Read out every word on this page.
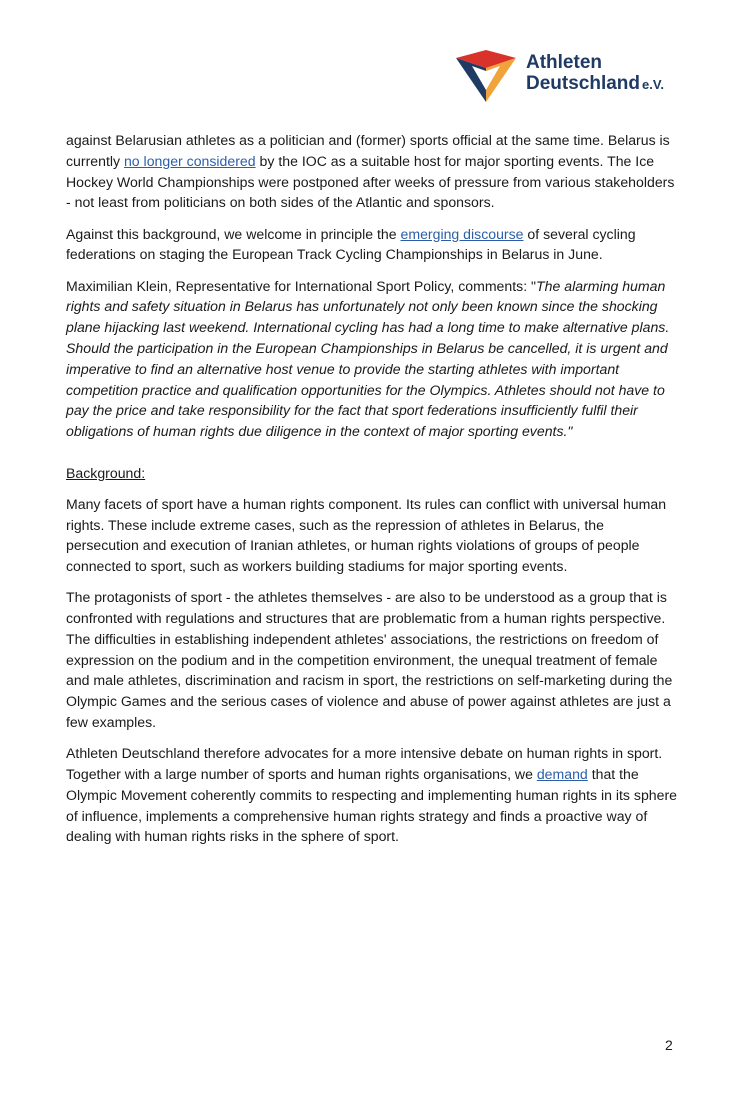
Athleten
Deutschland e.V.

against Belarusian athletes as a politician and (former) sports official at the same time. Belarus is currently no longer considered by the IOC as a suitable host for major sporting events. The Ice Hockey World Championships were postponed after weeks of pressure from various stakeholders - not least from politicians on both sides of the Atlantic and sponsors.

Against this background, we welcome in principle the emerging discourse of several cycling federations on staging the European Track Cycling Championships in Belarus in June.

Maximilian Klein, Representative for International Sport Policy, comments: "The alarming human rights and safety situation in Belarus has unfortunately not only been known since the shocking plane hijacking last weekend. International cycling has had a long time to make alternative plans. Should the participation in the European Championships in Belarus be cancelled, it is urgent and imperative to find an alternative host venue to provide the starting athletes with important competition practice and qualification opportunities for the Olympics. Athletes should not have to pay the price and take responsibility for the fact that sport federations insufficiently fulfil their obligations of human rights due diligence in the context of major sporting events."

Background:

Many facets of sport have a human rights component. Its rules can conflict with universal human rights. These include extreme cases, such as the repression of athletes in Belarus, the persecution and execution of Iranian athletes, or human rights violations of groups of people connected to sport, such as workers building stadiums for major sporting events.

The protagonists of sport - the athletes themselves - are also to be understood as a group that is confronted with regulations and structures that are problematic from a human rights perspective. The difficulties in establishing independent athletes' associations, the restrictions on freedom of expression on the podium and in the competition environment, the unequal treatment of female and male athletes, discrimination and racism in sport, the restrictions on self-marketing during the Olympic Games and the serious cases of violence and abuse of power against athletes are just a few examples.

Athleten Deutschland therefore advocates for a more intensive debate on human rights in sport. Together with a large number of sports and human rights organisations, we demand that the Olympic Movement coherently commits to respecting and implementing human rights in its sphere of influence, implements a comprehensive human rights strategy and finds a proactive way of dealing with human rights risks in the sphere of sport.

2
